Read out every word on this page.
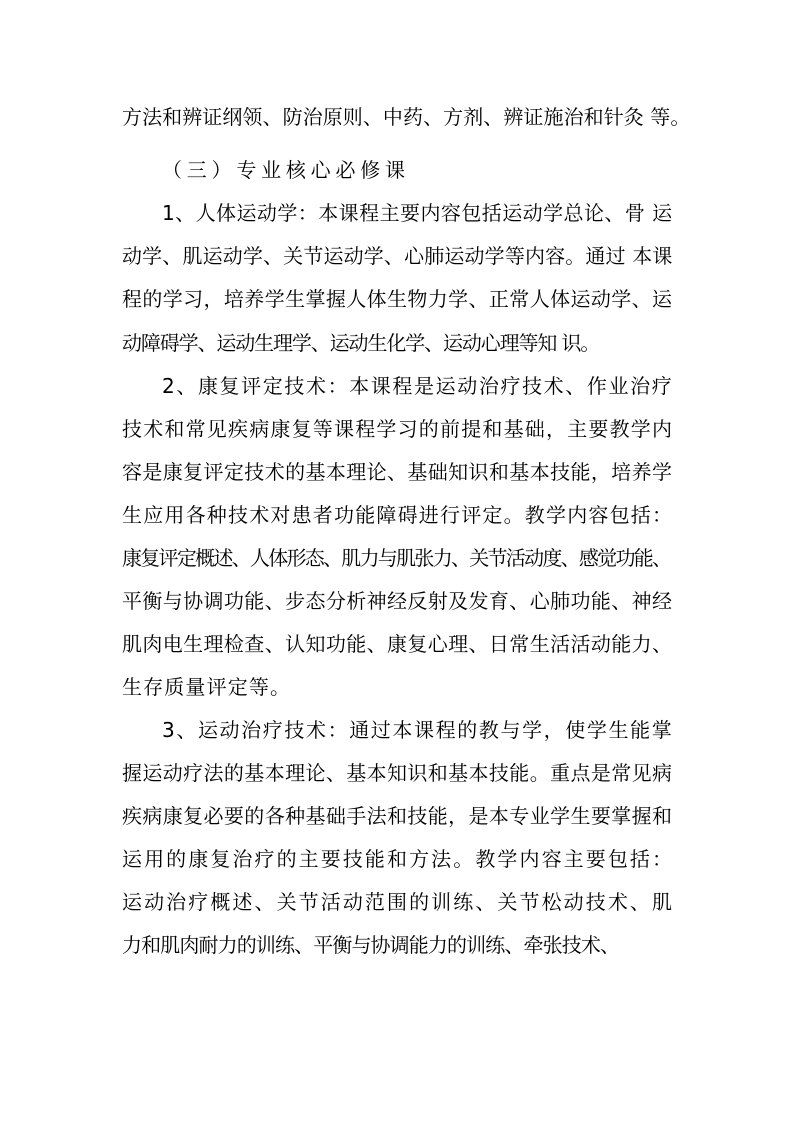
方法和辨证纲领、防治原则、中药、方剂、辨证施治和针灸 等。
（三）专业核心必修课
1、人体运动学：本课程主要内容包括运动学总论、骨 运
动学、肌运动学、关节运动学、心肺运动学等内容。通过 本课
程的学习，培养学生掌握人体生物力学、正常人体运动学、运
动障碍学、运动生理学、运动生化学、运动心理等知 识。
2、康复评定技术：本课程是运动治疗技术、作业治疗
技术和常见疾病康复等课程学习的前提和基础，主要教学内
容是康复评定技术的基本理论、基础知识和基本技能，培养学
生应用各种技术对患者功能障碍进行评定。教学内容包括：
康复评定概述、人体形态、肌力与肌张力、关节活动度、感觉功能、
平衡与协调功能、步态分析神经反射及发育、心肺功能、神经
肌肉电生理检查、认知功能、康复心理、日常生活活动能力、
生存质量评定等。
3、运动治疗技术：通过本课程的教与学，使学生能掌
握运动疗法的基本理论、基本知识和基本技能。重点是常见病
疾病康复必要的各种基础手法和技能，是本专业学生要掌握和
运用的康复治疗的主要技能和方法。教学内容主要包括：
运动治疗概述、关节活动范围的训练、关节松动技术、肌
力和肌肉耐力的训练、平衡与协调能力的训练、牵张技术、
